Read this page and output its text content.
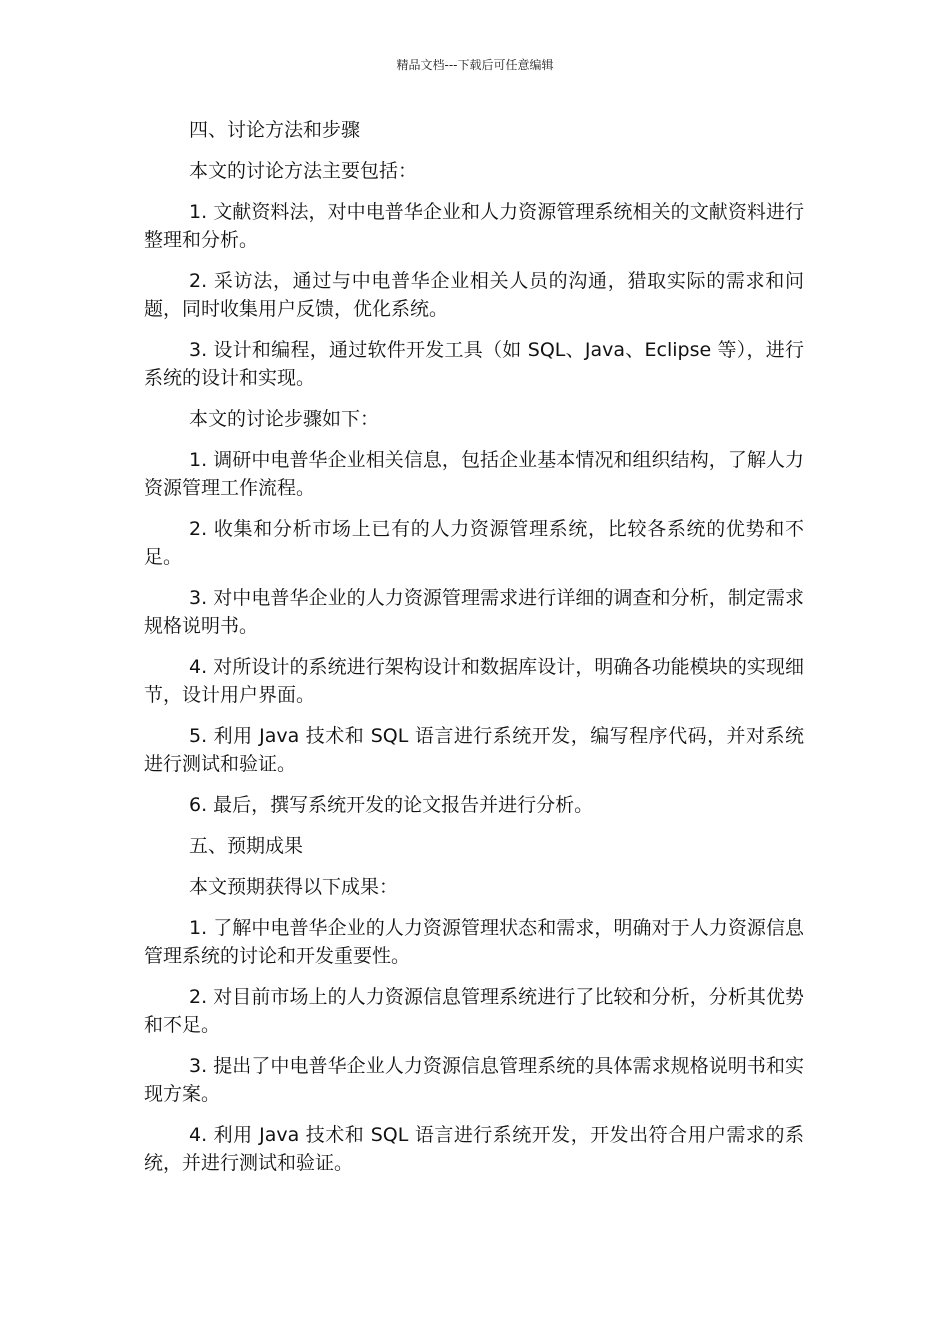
精品文档---下载后可任意编辑

四、讨论方法和步骤

本文的讨论方法主要包括：

1. 文献资料法，对中电普华企业和人力资源管理系统相关的文献资料进行整理和分析。

2. 采访法，通过与中电普华企业相关人员的沟通，猎取实际的需求和问题，同时收集用户反馈，优化系统。

3. 设计和编程，通过软件开发工具（如 SQL、Java、Eclipse 等），进行系统的设计和实现。

本文的讨论步骤如下：

1. 调研中电普华企业相关信息，包括企业基本情况和组织结构，了解人力资源管理工作流程。

2. 收集和分析市场上已有的人力资源管理系统，比较各系统的优势和不足。

3. 对中电普华企业的人力资源管理需求进行详细的调查和分析，制定需求规格说明书。

4. 对所设计的系统进行架构设计和数据库设计，明确各功能模块的实现细节，设计用户界面。

5. 利用 Java 技术和 SQL 语言进行系统开发，编写程序代码，并对系统进行测试和验证。

6. 最后，撰写系统开发的论文报告并进行分析。

五、预期成果

本文预期获得以下成果：

1. 了解中电普华企业的人力资源管理状态和需求，明确对于人力资源信息管理系统的讨论和开发重要性。

2. 对目前市场上的人力资源信息管理系统进行了比较和分析，分析其优势和不足。

3. 提出了中电普华企业人力资源信息管理系统的具体需求规格说明书和实现方案。

4. 利用 Java 技术和 SQL 语言进行系统开发，开发出符合用户需求的系统，并进行测试和验证。
